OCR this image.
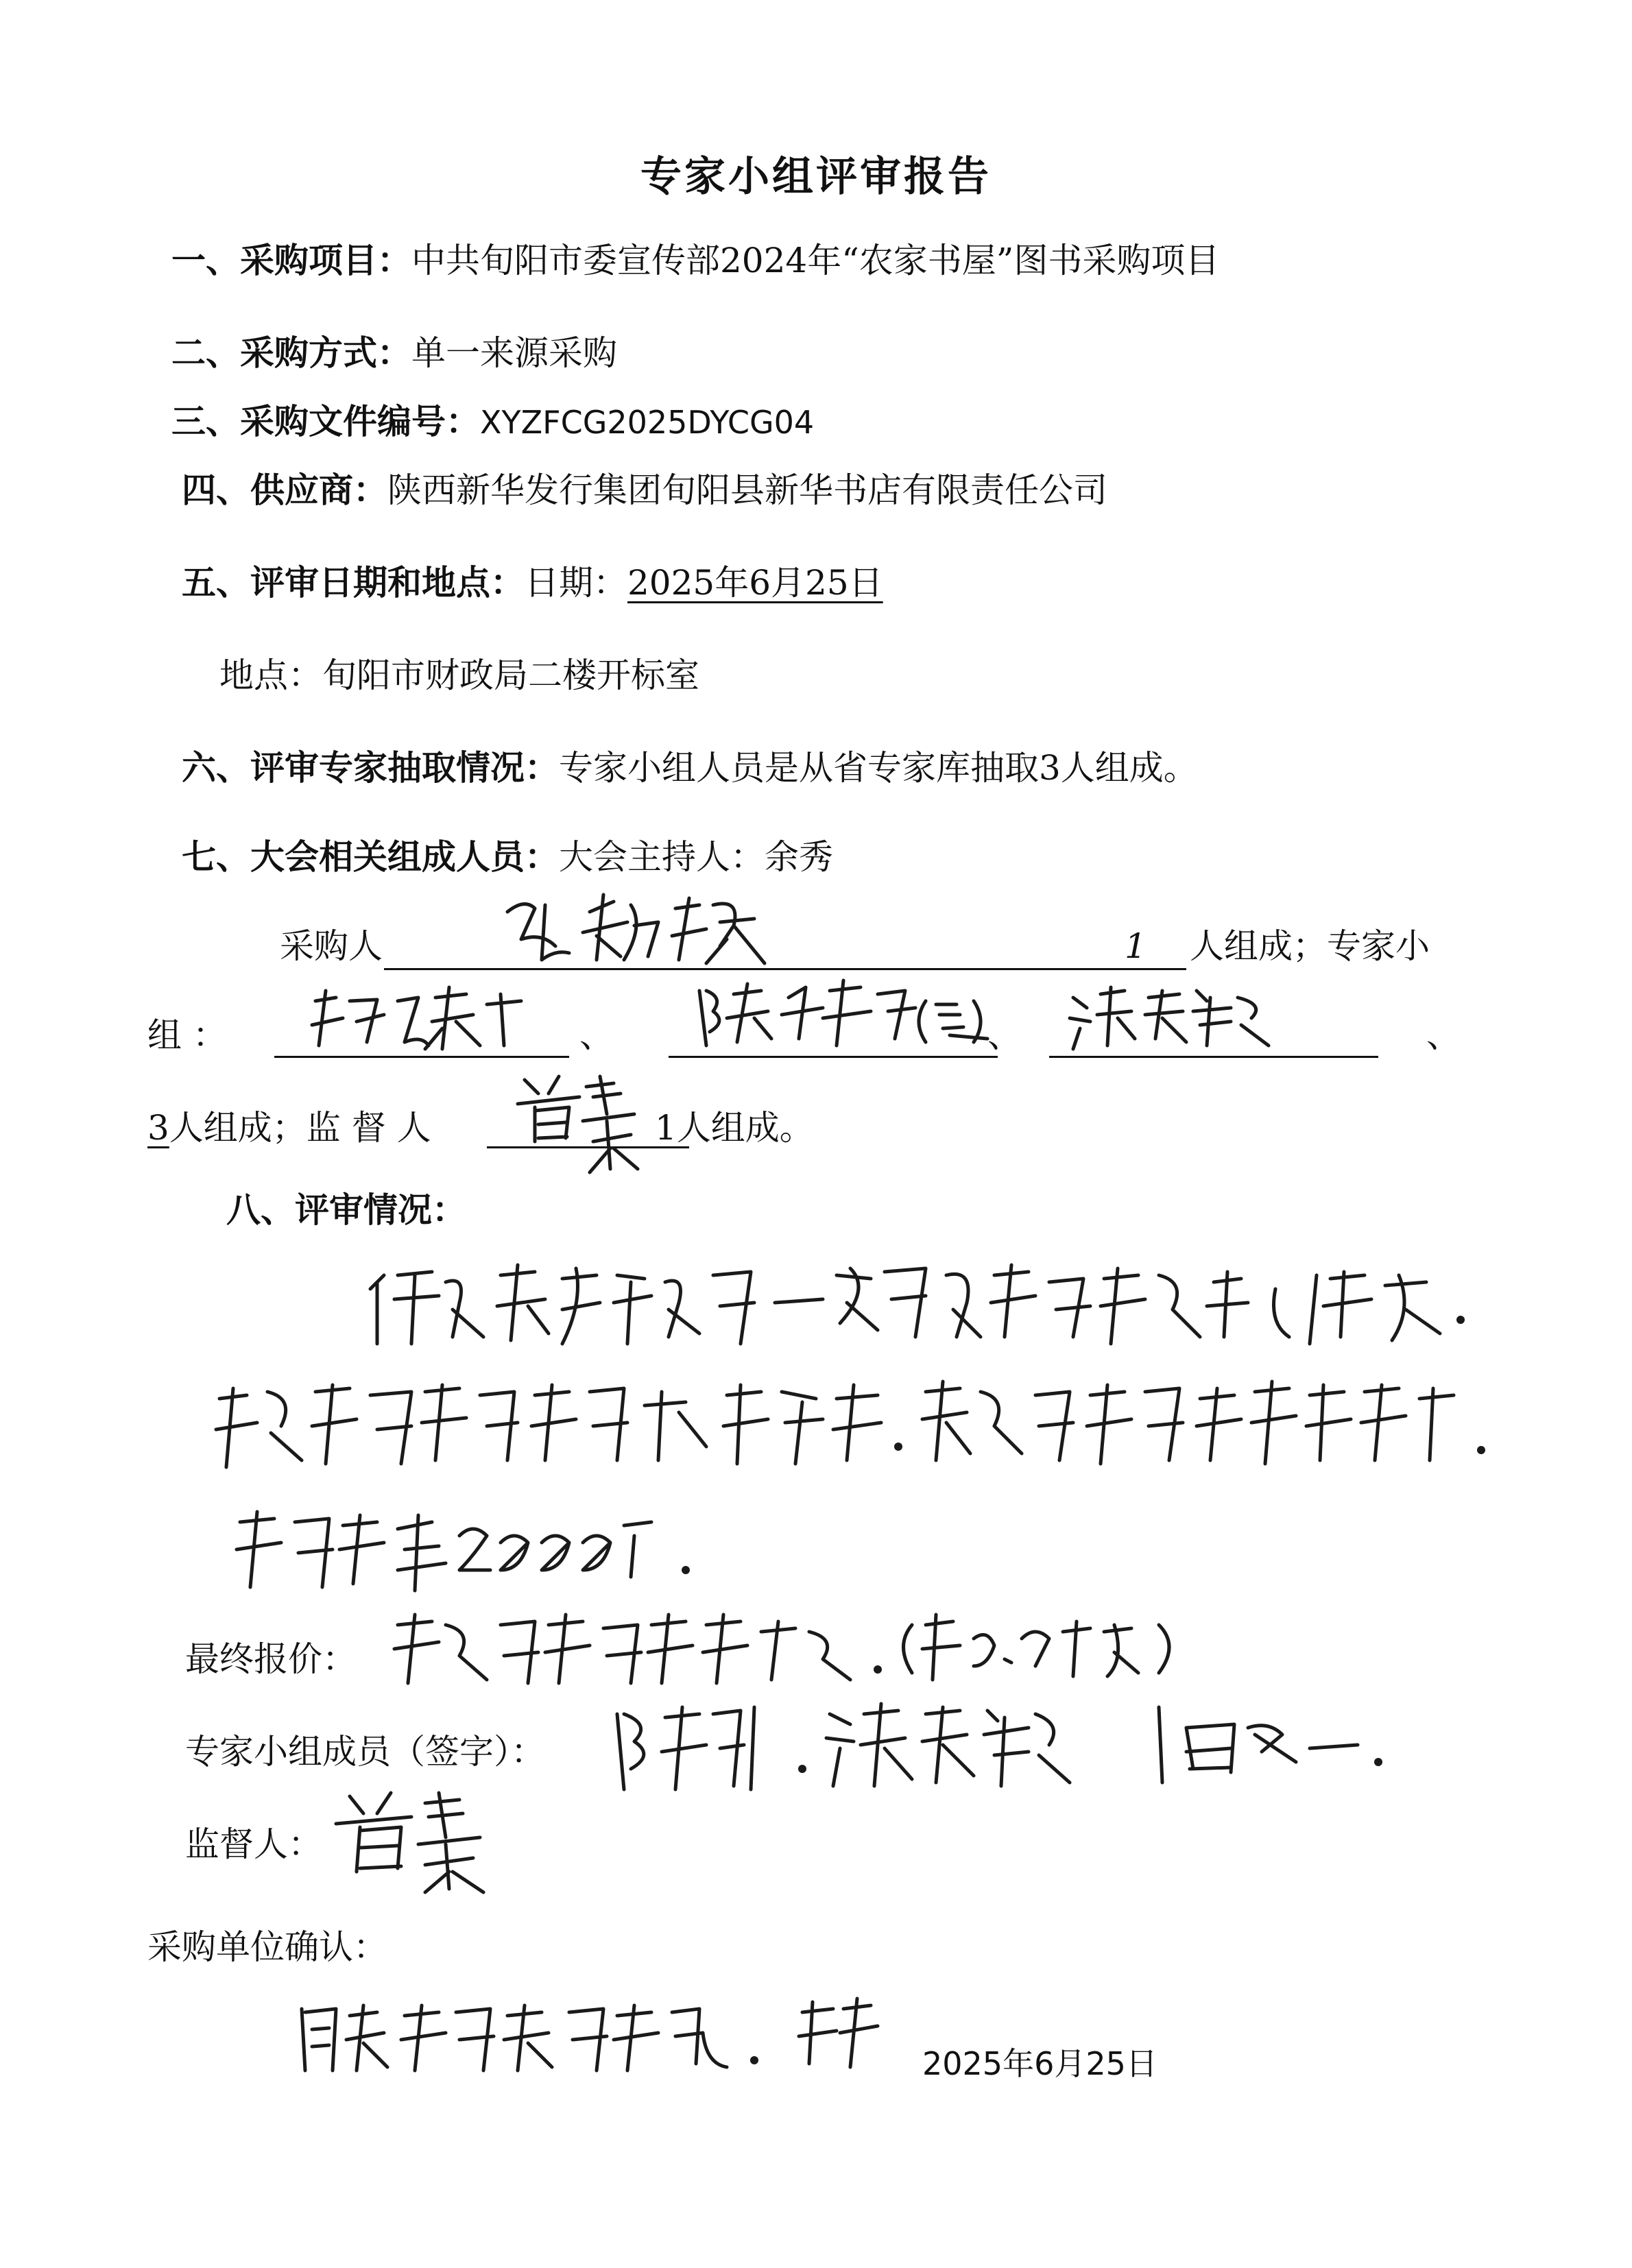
专家小组评审报告
一、采购项目：中共旬阳市委宣传部2024年“农家书屋”图书采购项目
二、采购方式：单一来源采购
三、采购文件编号：XYZFCG2025DYCG04
四、供应商：陕西新华发行集团旬阳县新华书店有限责任公司
五、评审日期和地点：日期：2025年6月25日
地点：旬阳市财政局二楼开标室
六、评审专家抽取情况：专家小组人员是从省专家库抽取3人组成。
七、大会相关组成人员：大会主持人：余秀
采购人	1 人组成；专家小
组 ：	、	、	、
3人组成；监 督 人	1人组成。
八、评审情况：
最终报价：
专家小组成员（签字）：
监督人：
采购单位确认：
2025年6月25日
